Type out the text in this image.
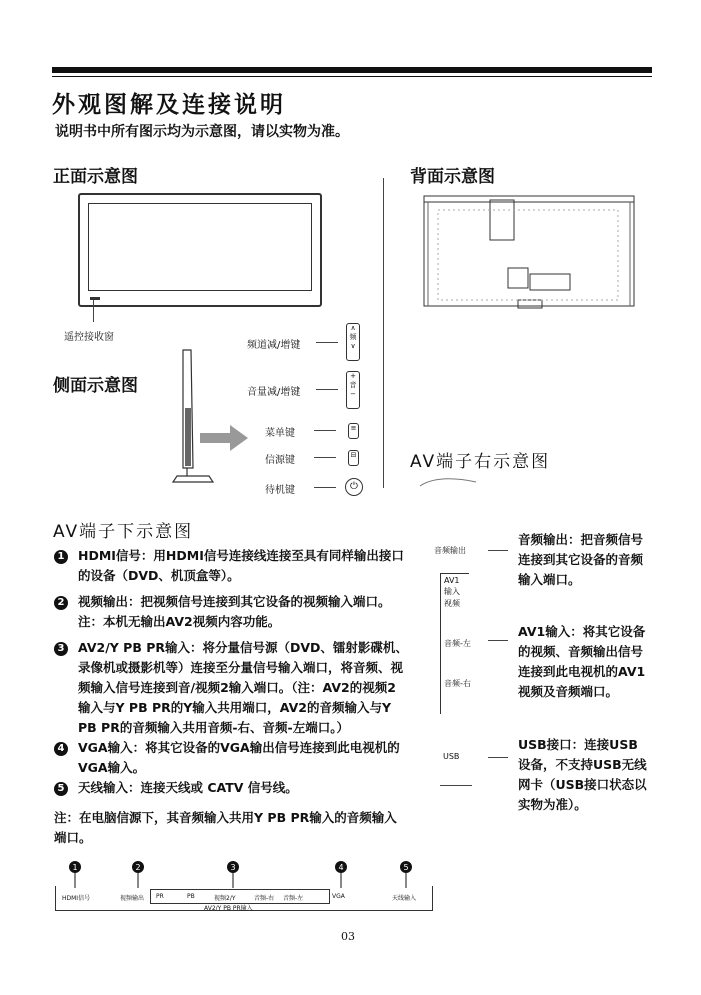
外观图解及连接说明
说明书中所有图示均为示意图，请以实物为准。
正面示意图
遥控接收窗
侧面示意图
频道减/增键
∧
频
∨
音量减/增键
+
音
−
菜单键	≡
信源键	⊟
待机键	⏻
背面示意图
AV端子右示意图
音频输出
AV1
输入
视频
音频-左
音频-右
USB
音频输出：把音频信号连接到其它设备的音频输入端口。
AV1输入：将其它设备的视频、音频输出信号连接到此电视机的AV1视频及音频端口。
USB接口：连接USB设备，不支持USB无线网卡（USB接口状态以实物为准）。
AV端子下示意图
1 HDMI信号：用HDMI信号连接线连接至具有同样输出接口的设备（DVD、机顶盒等）。
2 视频输出：把视频信号连接到其它设备的视频输入端口。注：本机无输出AV2视频内容功能。
3 AV2/Y PB PR输入：将分量信号源（DVD、镭射影碟机、录像机或摄影机等）连接至分量信号输入端口，将音频、视频输入信号连接到音/视频2输入端口。（注：AV2的视频2输入与Y PB PR的Y输入共用端口，AV2的音频输入与Y PB PR的音频输入共用音频-右、音频-左端口。）
4 VGA输入：将其它设备的VGA输出信号连接到此电视机的VGA输入。
5 天线输入：连接天线或 CATV 信号线。
注：在电脑信源下，其音频输入共用Y PB PR输入的音频输入端口。
1	2	3	4	5
HDMI信号	视频输出 PR	PB	视频2/Y	音频-右 音频-左	VGA	天线输入
AV2/Y PB PR输入
03
